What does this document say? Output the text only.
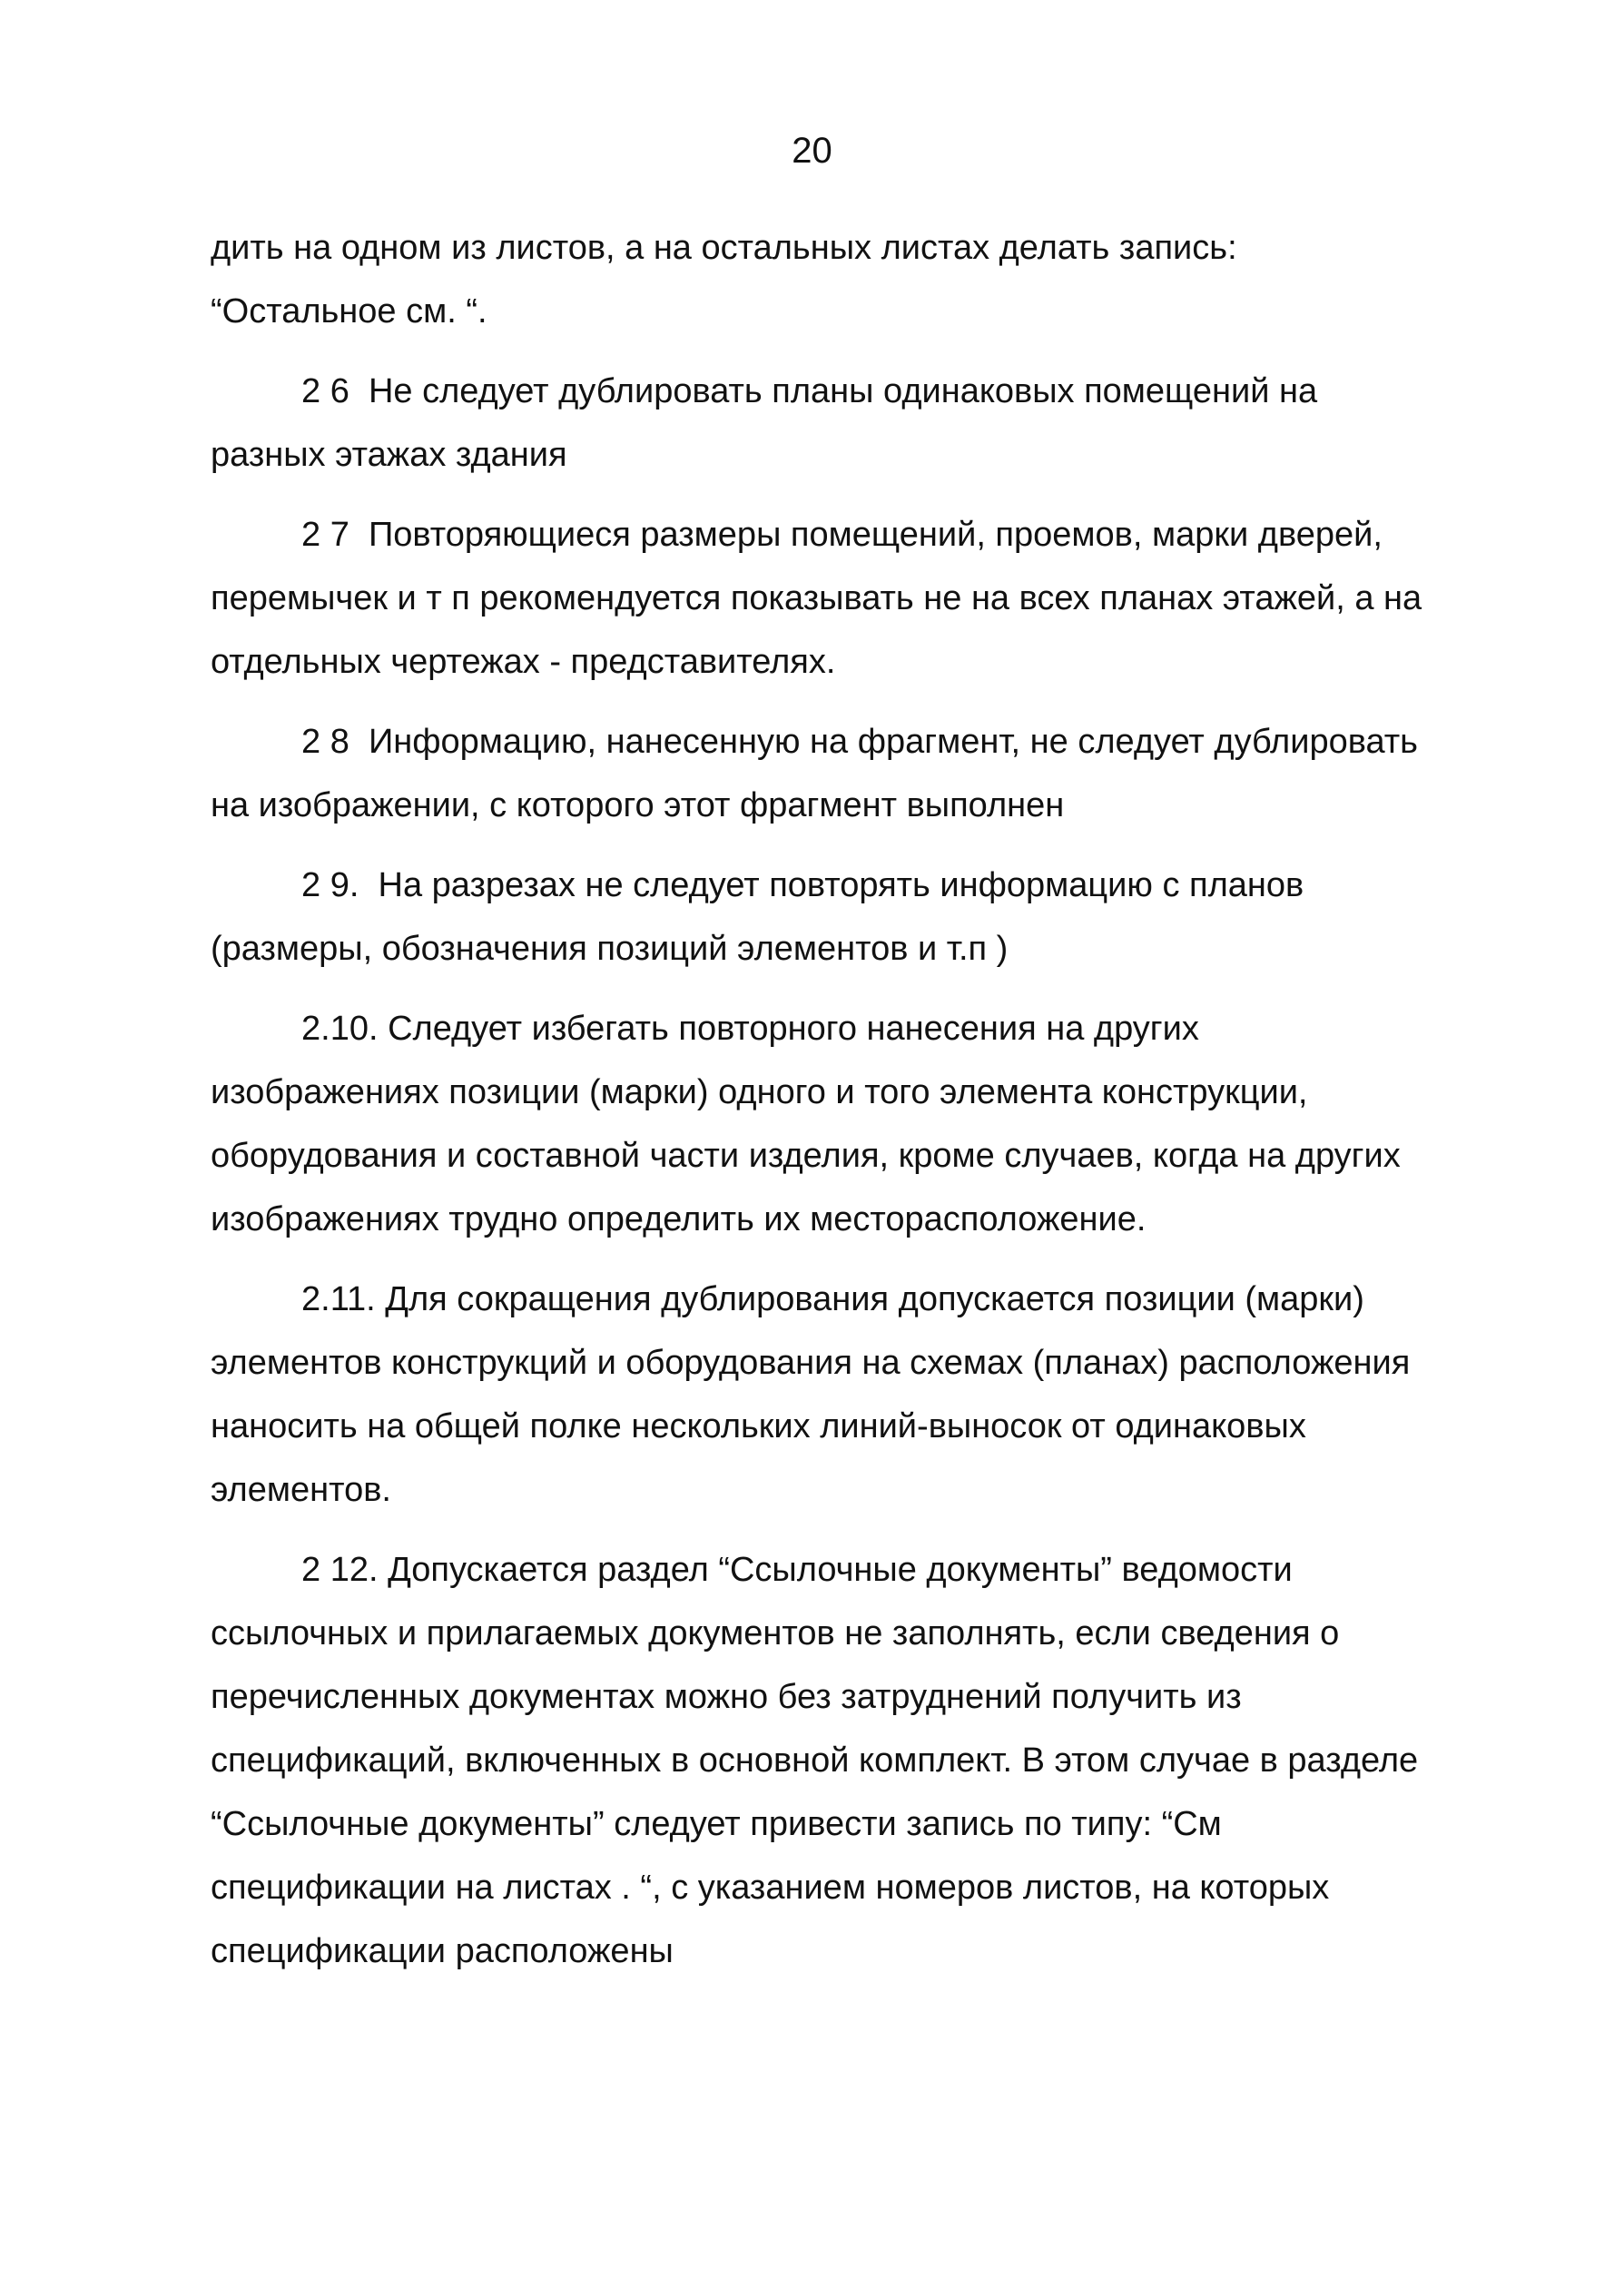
20

дить на одном из листов, а на остальных листах делать запись: “Остальное см. “.

2 6 Не следует дублировать планы одинаковых помещений на разных этажах здания

2 7 Повторяющиеся размеры помещений, проемов, марки дверей, перемычек и т п рекомендуется показывать не на всех планах этажей, а на отдельных чертежах - представителях.

2 8 Информацию, нанесенную на фрагмент, не следует дублировать на изображении, с которого этот фрагмент выполнен

2 9. На разрезах не следует повторять информацию с планов (размеры, обозначения позиций элементов и т.п )

2.10. Следует избегать повторного нанесения на других изображениях позиции (марки) одного и того элемента конструкции, оборудования и составной части изделия, кроме случаев, когда на других изображениях трудно определить их месторасположение.

2.11. Для сокращения дублирования допускается позиции (марки) элементов конструкций и оборудования на схемах (планах) расположения наносить на общей полке нескольких линий-выносок от одинаковых элементов.

2 12. Допускается раздел “Ссылочные документы” ведомости ссылочных и прилагаемых документов не заполнять, если сведения о перечисленных документах можно без затруднений получить из спецификаций, включенных в основной комплект. В этом случае в разделе “Ссылочные документы” следует привести запись по типу: “См спецификации на листах . “, с указанием номеров листов, на которых спецификации расположены
